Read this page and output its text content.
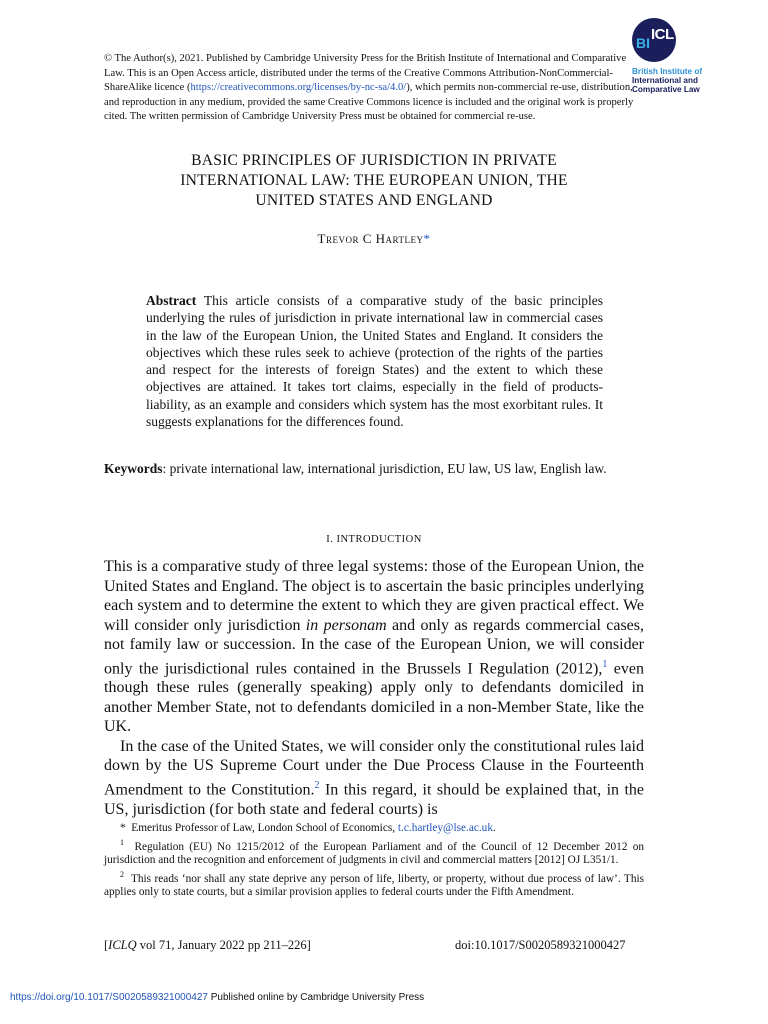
© The Author(s), 2021. Published by Cambridge University Press for the British Institute of International and Comparative Law. This is an Open Access article, distributed under the terms of the Creative Commons Attribution-NonCommercial-ShareAlike licence (https://creativecommons.org/licenses/by-nc-sa/4.0/), which permits non-commercial re-use, distribution, and reproduction in any medium, provided the same Creative Commons licence is included and the original work is properly cited. The written permission of Cambridge University Press must be obtained for commercial re-use.
BI ICL
British Institute of
International and
Comparative Law
BASIC PRINCIPLES OF JURISDICTION IN PRIVATE
INTERNATIONAL LAW: THE EUROPEAN UNION, THE
UNITED STATES AND ENGLAND
Trevor C Hartley*
Abstract This article consists of a comparative study of the basic principles underlying the rules of jurisdiction in private international law in commercial cases in the law of the European Union, the United States and England. It considers the objectives which these rules seek to achieve (protection of the rights of the parties and respect for the interests of foreign States) and the extent to which these objectives are attained. It takes tort claims, especially in the field of products-liability, as an example and considers which system has the most exorbitant rules. It suggests explanations for the differences found.
Keywords: private international law, international jurisdiction, EU law, US law, English law.
I. INTRODUCTION

This is a comparative study of three legal systems: those of the European Union, the United States and England. The object is to ascertain the basic principles underlying each system and to determine the extent to which they are given practical effect. We will consider only jurisdiction in personam and only as regards commercial cases, not family law or succession. In the case of the European Union, we will consider only the jurisdictional rules contained in the Brussels I Regulation (2012),$^1$ even though these rules (generally speaking) apply only to defendants domiciled in another Member State, not to defendants domiciled in a non-Member State, like the UK.

In the case of the United States, we will consider only the constitutional rules laid down by the US Supreme Court under the Due Process Clause in the Fourteenth Amendment to the Constitution.$^2$ In this regard, it should be explained that, in the US, jurisdiction (for both state and federal courts) is

*  Emeritus Professor of Law, London School of Economics, t.c.hartley@lse.ac.uk.

$^1$ Regulation (EU) No 1215/2012 of the European Parliament and of the Council of 12 December 2012 on jurisdiction and the recognition and enforcement of judgments in civil and commercial matters [2012] OJ L351/1.

$^2$ This reads ‘nor shall any state deprive any person of life, liberty, or property, without due process of law’. This applies only to state courts, but a similar provision applies to federal courts under the Fifth Amendment.

[ICLQ vol 71, January 2022 pp 211–226]	doi:10.1017/S0020589321000427
https://doi.org/10.1017/S0020589321000427 Published online by Cambridge University Press
